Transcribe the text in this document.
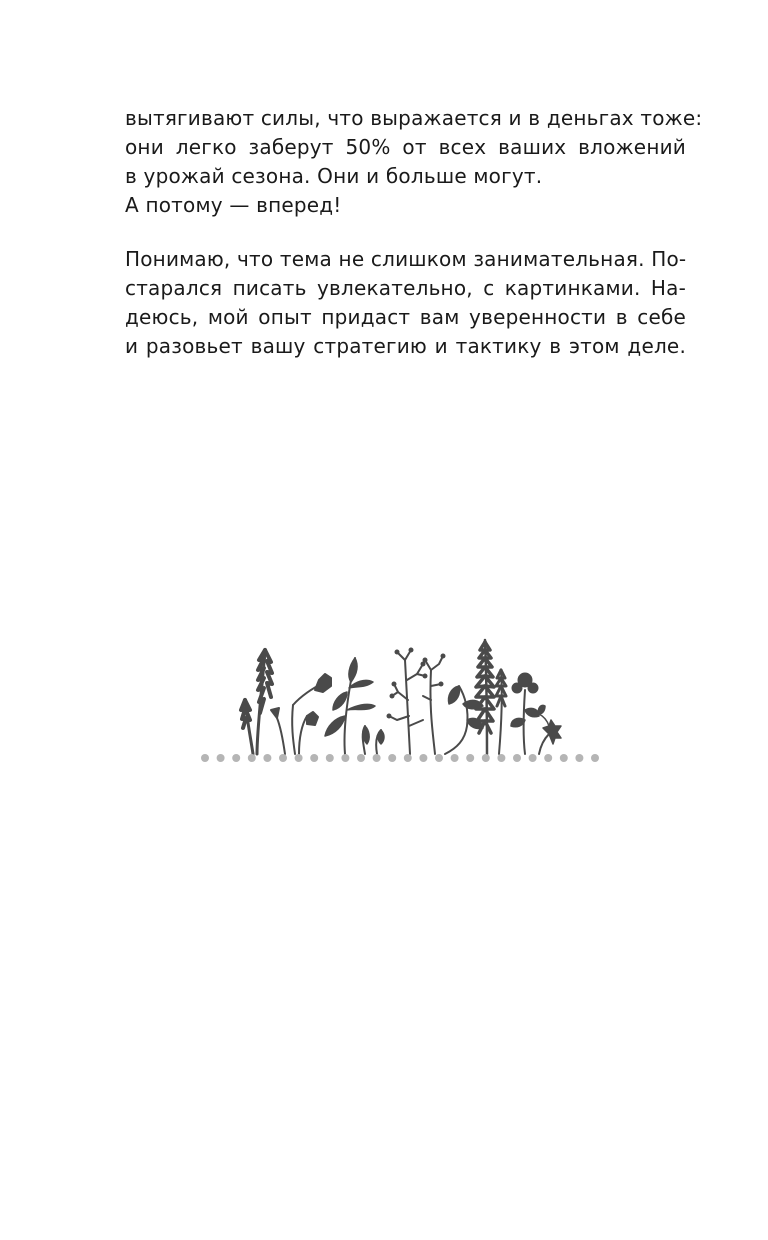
вытягивают силы, что выражается и в деньгах тоже:
они легко заберут 50% от всех ваших вложений
в урожай сезона. Они и больше могут.
А потому — вперед!
Понимаю, что тема не слишком занимательная. По-
старался писать увлекательно, с картинками. На-
деюсь, мой опыт придаст вам уверенности в себе
и разовьет вашу стратегию и тактику в этом деле.
